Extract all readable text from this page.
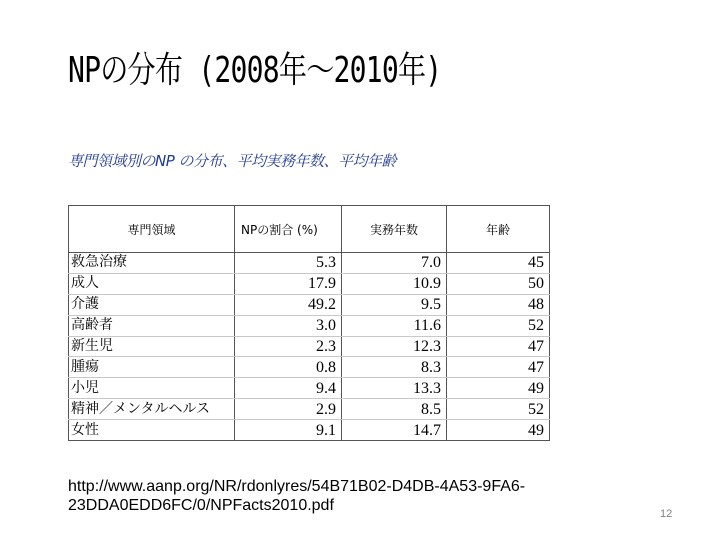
NPの分布 (2008年～2010年)
専門領域別のNP の分布、平均実務年数、平均年齢
専門領域	NPの割合 (%)	実務年数	年齢
救急治療	5.3	7.0	45
成人	17.9	10.9	50
介護	49.2	9.5	48
高齢者	3.0	11.6	52
新生児	2.3	12.3	47
腫瘍	0.8	8.3	47
小児	9.4	13.3	49
精神／メンタルヘルス	2.9	8.5	52
女性	9.1	14.7	49
http://www.aanp.org/NR/rdonlyres/54B71B02-D4DB-4A53-9FA6-
23DDA0EDD6FC/0/NPFacts2010.pdf	12
